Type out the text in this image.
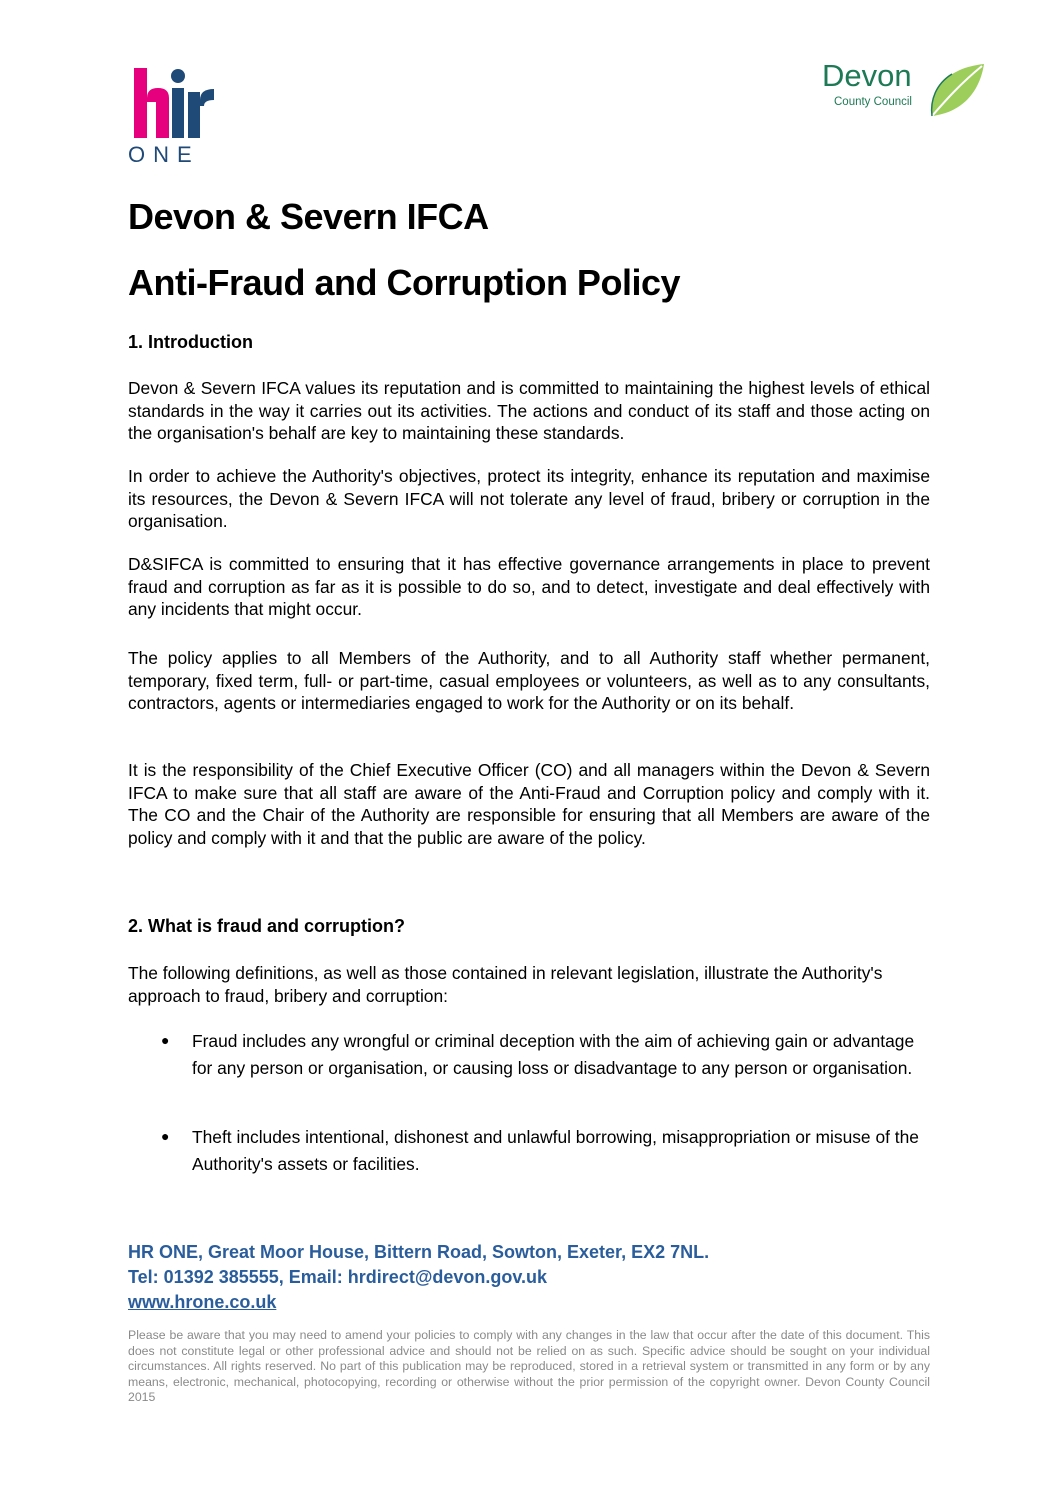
ONE
Devon
County Council
Devon & Severn IFCA
Anti-Fraud and Corruption Policy
1. Introduction

Devon & Severn IFCA values its reputation and is committed to maintaining the highest levels of ethical standards in the way it carries out its activities. The actions and conduct of its staff and those acting on the organisation's behalf are key to maintaining these standards.

In order to achieve the Authority's objectives, protect its integrity, enhance its reputation and maximise its resources, the Devon & Severn IFCA will not tolerate any level of fraud, bribery or corruption in the organisation.

D&SIFCA is committed to ensuring that it has effective governance arrangements in place to prevent fraud and corruption as far as it is possible to do so, and to detect, investigate and deal effectively with any incidents that might occur.

The policy applies to all Members of the Authority, and to all Authority staff whether permanent, temporary, fixed term, full- or part-time, casual employees or volunteers, as well as to any consultants, contractors, agents or intermediaries engaged to work for the Authority or on its behalf.

It is the responsibility of the Chief Executive Officer (CO) and all managers within the Devon & Severn IFCA to make sure that all staff are aware of the Anti-Fraud and Corruption policy and comply with it. The CO and the Chair of the Authority are responsible for ensuring that all Members are aware of the policy and comply with it and that the public are aware of the policy.

2. What is fraud and corruption?

The following definitions, as well as those contained in relevant legislation, illustrate the Authority's approach to fraud, bribery and corruption:

● Fraud includes any wrongful or criminal deception with the aim of achieving gain or advantage for any person or organisation, or causing loss or disadvantage to any person or organisation.
● Theft includes intentional, dishonest and unlawful borrowing, misappropriation or misuse of the Authority's assets or facilities.
HR ONE, Great Moor House, Bittern Road, Sowton, Exeter, EX2 7NL.
Tel: 01392 385555, Email: hrdirect@devon.gov.uk
www.hrone.co.uk

Please be aware that you may need to amend your policies to comply with any changes in the law that occur after the date of this document. This does not constitute legal or other professional advice and should not be relied on as such. Specific advice should be sought on your individual circumstances. All rights reserved. No part of this publication may be reproduced, stored in a retrieval system or transmitted in any form or by any means, electronic, mechanical, photocopying, recording or otherwise without the prior permission of the copyright owner. Devon County Council 2015
